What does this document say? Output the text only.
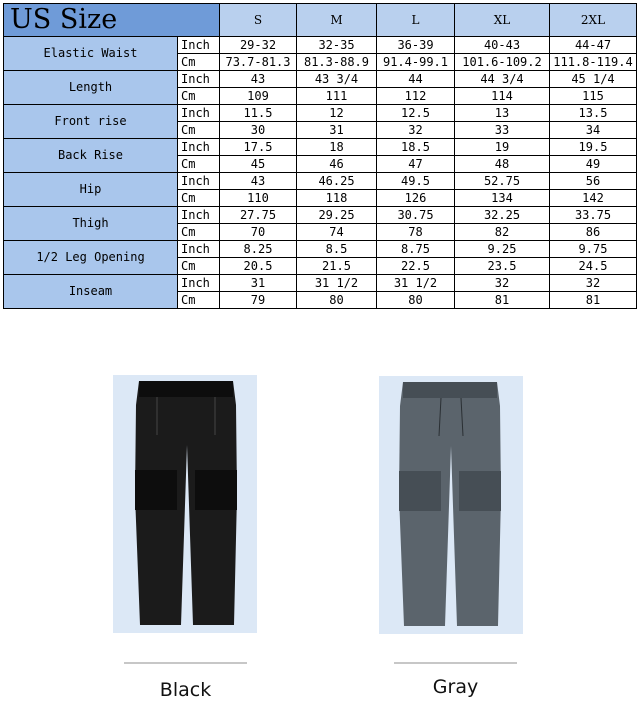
US Size		S	M	L	XL	2XL
Elastic Waist	Inch	29-32	32-35	36-39	40-43	44-47
	Cm	73.7-81.3	81.3-88.9	91.4-99.1	101.6-109.2	111.8-119.4
Length	Inch	43	43 3/4	44	44 3/4	45 1/4
	Cm	109	111	112	114	115
Front rise	Inch	11.5	12	12.5	13	13.5
	Cm	30	31	32	33	34
Back Rise	Inch	17.5	18	18.5	19	19.5
	Cm	45	46	47	48	49
Hip	Inch	43	46.25	49.5	52.75	56
	Cm	110	118	126	134	142
Thigh	Inch	27.75	29.25	30.75	32.25	33.75
	Cm	70	74	78	82	86
1/2 Leg Opening	Inch	8.25	8.5	8.75	9.25	9.75
	Cm	20.5	21.5	22.5	23.5	24.5
Inseam	Inch	31	31 1/2	31 1/2	32	32
	Cm	79	80	80	81	81
Black	Gray
